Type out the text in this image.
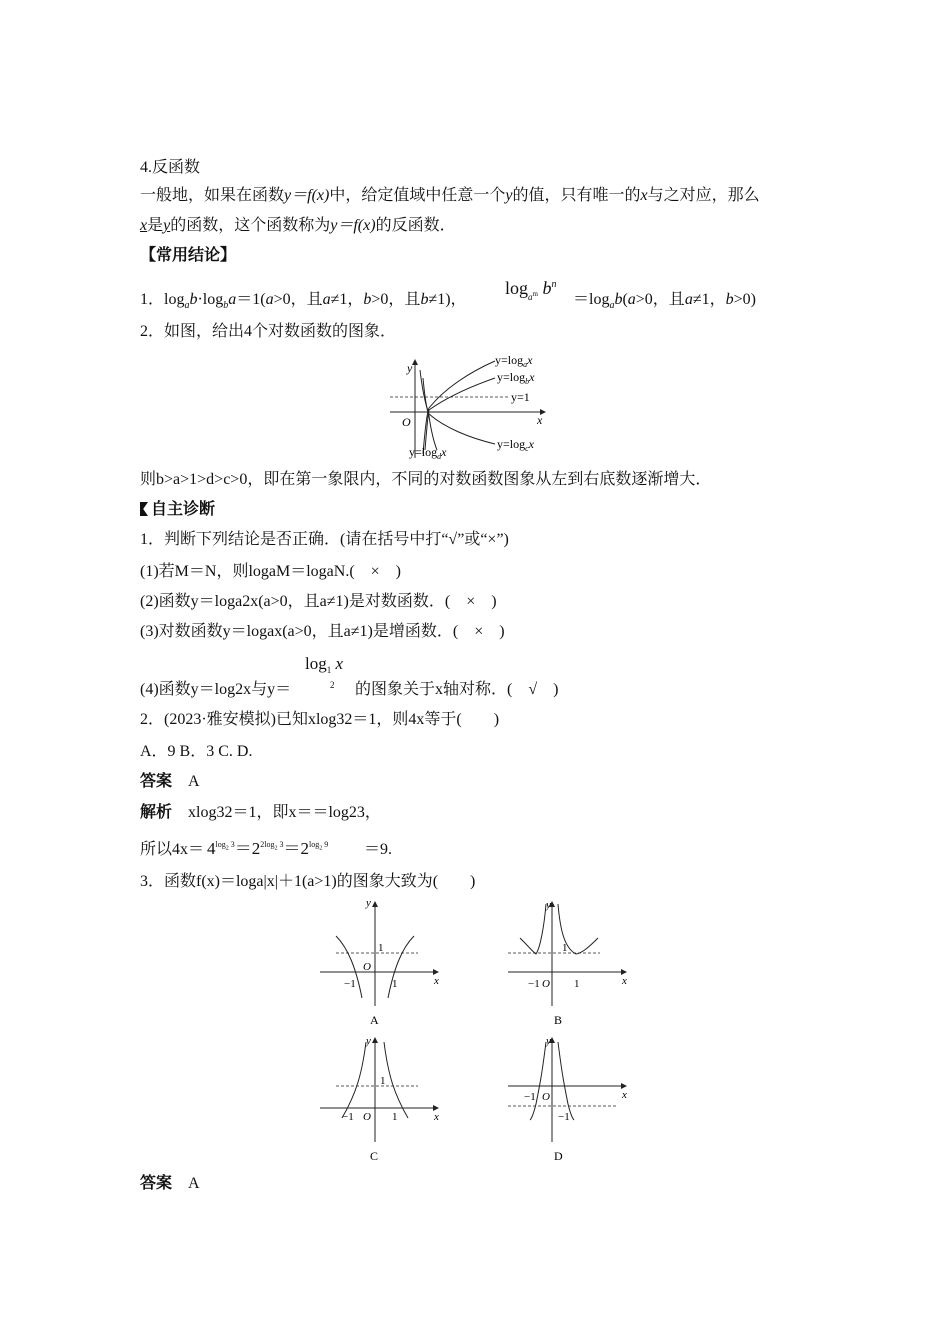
4.反函数
一般地，如果在函数y＝f(x)中，给定值域中任意一个y的值，只有唯一的x与之对应，那么
x是y的函数，这个函数称为y＝f(x)的反函数．
【常用结论】
1．$\log_ab\cdot\log_ba=1(a>0$，且a≠1，b>0，且b≠1)，
$\log_{a^m} b^n$
$=\log_ab(a>0$，且a≠1，b>0)
2．如图，给出4个对数函数的图象．
y
x
O
$y=\log_ax$
$y=\log_bx$
y=1
$y=\log_cx$
$y=\log_dx$
则b>a>1>d>c>0，即在第一象限内，不同的对数函数图象从左到右底数逐渐增大．
自主诊断
1．判断下列结论是否正确．(请在括号中打“√”或“×”)
(1)若M＝N，则logaM＝logaN.(　×　)
(2)函数y＝loga2x(a>0，且a≠1)是对数函数．(　×　)
(3)对数函数y＝logax(a>0，且a≠1)是增函数．(　×　)
$\log_1 x$
2
(4)函数y＝log2x与y＝	的图象关于x轴对称．(　√　)
2．(2023·雅安模拟)已知xlog32＝1，则4x等于(　　)
A．9 B．3 C. D.
答案　 A
解析　 xlog32＝1，即x＝＝log23，
所以$4x= 4^{log_2 3}=2^{2log_2 3}=2^{log_2 9} =9$.
3．函数f(x)＝loga|x|＋1(a>1)的图象大致为(　　)
y
x
1
O
−1	1
A
y
x
1
−1 O 1
B
y
x
1
−1 O 1
C
y
x
−1 O
−1
D
答案　 A
